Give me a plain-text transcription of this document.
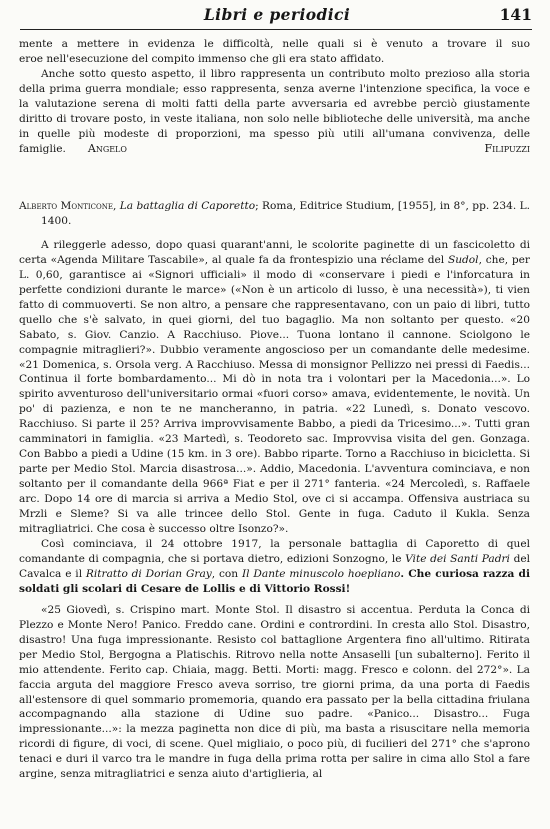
Libri e periodici	141

mente a mettere in evidenza le difficoltà, nelle quali si è venuto a trovare il suo

eroe nell'esecuzione del compito immenso che gli era stato affidato.

Anche sotto questo aspetto, il libro rappresenta un contributo molto prezioso alla storia della prima guerra mondiale; esso rappresenta, senza averne l'intenzione specifica, la voce e la valutazione serena di molti fatti della parte avversaria ed avrebbe perciò giustamente diritto di trovare posto, in veste italiana, non solo nelle biblioteche delle università, ma anche in quelle più modeste di proporzioni, ma spesso più utili all'umana convivenza, delle famiglie. Angelo Filipuzzi

Alberto Monticone, La battaglia di Caporetto; Roma, Editrice Studium, [1955], in 8°, pp. 234. L. 1400.

A rileggerle adesso, dopo quasi quarant'anni, le scolorite paginette di un fascicoletto di certa «Agenda Militare Tascabile», al quale fa da frontespizio una réclame del Sudol, che, per L. 0,60, garantisce ai «Signori ufficiali» il modo di «conservare i piedi e l'inforcatura in perfette condizioni durante le marce» («Non è un articolo di lusso, è una necessità»), ti vien fatto di commuoverti. Se non altro, a pensare che rappresentavano, con un paio di libri, tutto quello che s'è salvato, in quei giorni, del tuo bagaglio. Ma non soltanto per questo. «20 Sabato, s. Giov. Canzio. A Racchiuso. Piove... Tuona lontano il cannone. Sciolgono le compagnie mitraglieri?». Dubbio veramente angoscioso per un comandante delle medesime. «21 Domenica, s. Orsola verg. A Racchiuso. Messa di monsignor Pellizzo nei pressi di Faedis... Continua il forte bombardamento... Mi dò in nota tra i volontari per la Macedonia...». Lo spirito avventuroso dell'universitario ormai «fuori corso» amava, evidentemente, le novità. Un po' di pazienza, e non te ne mancheranno, in patria. «22 Lunedì, s. Donato vescovo. Racchiuso. Si parte il 25? Arriva improvvisamente Babbo, a piedi da Tricesimo...». Tutti gran camminatori in famiglia. «23 Martedì, s. Teodoreto sac. Improvvisa visita del gen. Gonzaga. Con Babbo a piedi a Udine (15 km. in 3 ore). Babbo riparte. Torno a Racchiuso in bicicletta. Si parte per Medio Stol. Marcia disastrosa...». Addio, Macedonia. L'avventura cominciava, e non soltanto per il comandante della 966ª Fiat e per il 271° fanteria. «24 Mercoledì, s. Raffaele arc. Dopo 14 ore di marcia si arriva a Medio Stol, ove ci si accampa. Offensiva austriaca su Mrzli e Sleme? Si va alle trincee dello Stol. Gente in fuga. Caduto il Kukla. Senza mitragliatrici. Che cosa è successo oltre Isonzo?».

Così cominciava, il 24 ottobre 1917, la personale battaglia di Caporetto di quel comandante di compagnia, che si portava dietro, edizioni Sonzogno, le Vite dei Santi Padri del Cavalca e il Ritratto di Dorian Gray, con Il Dante minuscolo hoepliano. Che curiosa razza di soldati gli scolari di Cesare de Lollis e di Vittorio Rossi!

«25 Giovedì, s. Crispino mart. Monte Stol. Il disastro si accentua. Perduta la Conca di Plezzo e Monte Nero! Panico. Freddo cane. Ordini e contrordini. In cresta allo Stol. Disastro, disastro! Una fuga impressionante. Resisto col battaglione Argentera fino all'ultimo. Ritirata per Medio Stol, Bergogna a Platischis. Ritrovo nella notte Ansaselli [un subalterno]. Ferito il mio attendente. Ferito cap. Chiaia, magg. Betti. Morti: magg. Fresco e colonn. del 272°». La faccia arguta del maggiore Fresco aveva sorriso, tre giorni prima, da una porta di Faedis all'estensore di quel sommario promemoria, quando era passato per la bella cittadina friulana accompagnando alla stazione di Udine suo padre. «Panico... Disastro... Fuga impressionante...»: la mezza paginetta non dice di più, ma basta a risuscitare nella memoria ricordi di figure, di voci, di scene. Quel migliaio, o poco più, di fucilieri del 271° che s'aprono tenaci e duri il varco tra le mandre in fuga della prima rotta per salire in cima allo Stol a fare argine, senza mitragliatrici e senza aiuto d'artiglieria, al
